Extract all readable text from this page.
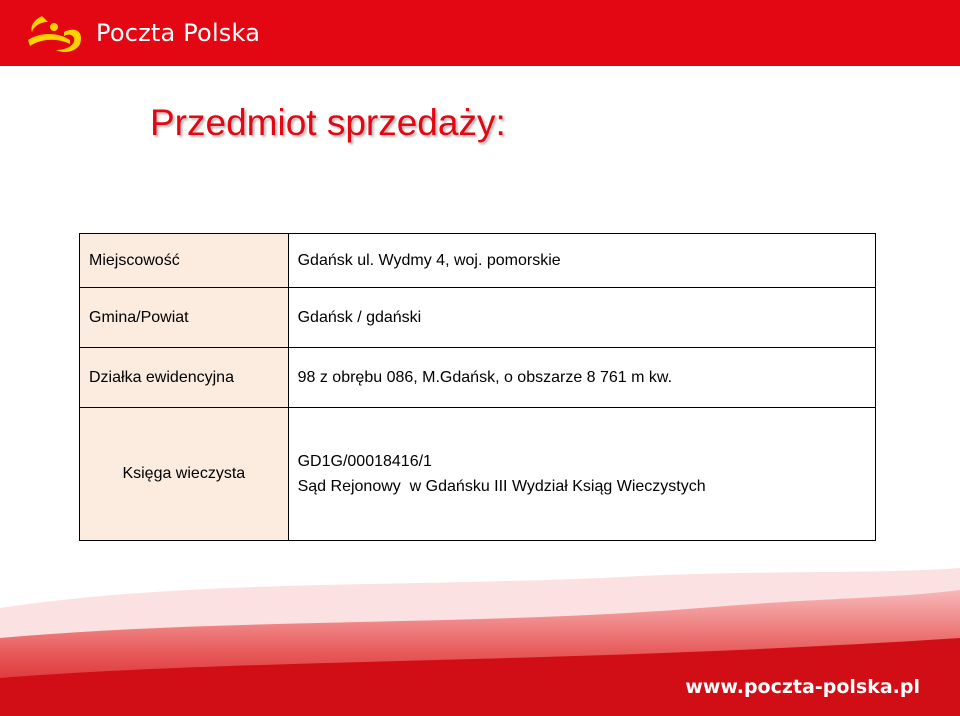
Poczta Polska
Przedmiot sprzedaży:
Miejscowość	Gdańsk ul. Wydmy 4, woj. pomorskie
Gmina/Powiat	Gdańsk / gdański
Działka ewidencyjna	98 z obrębu 086, M.Gdańsk, o obszarze 8 761 m kw.
Księga wieczysta	GD1G/00018416/1
Sąd Rejonowy  w Gdańsku III Wydział Ksiąg Wieczystych
www.poczta-polska.pl
